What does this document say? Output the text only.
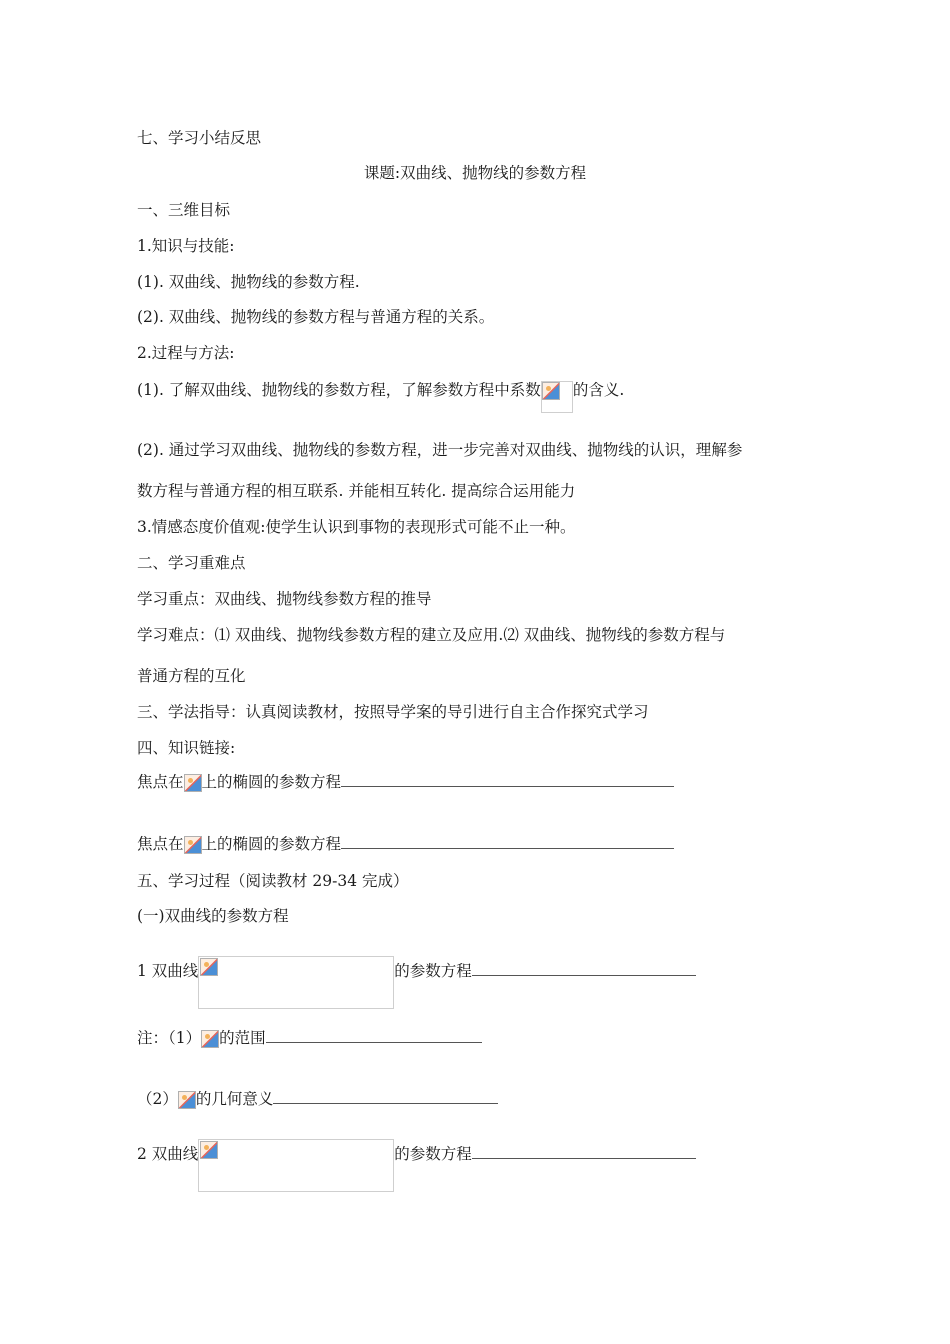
七、学习小结反思
课题:双曲线、抛物线的参数方程
一、三维目标
1.知识与技能:
(1). 双曲线、抛物线的参数方程.
(2). 双曲线、抛物线的参数方程与普通方程的关系。
2.过程与方法:
(1). 了解双曲线、抛物线的参数方程，了解参数方程中系数 的含义.
(2). 通过学习双曲线、抛物线的参数方程，进一步完善对双曲线、抛物线的认识，理解参
数方程与普通方程的相互联系. 并能相互转化. 提高综合运用能力
3.情感态度价值观:使学生认识到事物的表现形式可能不止一种。
二、学习重难点
学习重点：双曲线、抛物线参数方程的推导
学习难点：⑴ 双曲线、抛物线参数方程的建立及应用.⑵ 双曲线、抛物线的参数方程与
普通方程的互化
三、学法指导：认真阅读教材，按照导学案的导引进行自主合作探究式学习
四、知识链接:
焦点在 上的椭圆的参数方程
焦点在 上的椭圆的参数方程
五、学习过程（阅读教材 29-34 完成）
(一)双曲线的参数方程
1 双曲线	的参数方程
注：（1） 的范围
（2） 的几何意义
2 双曲线	的参数方程
